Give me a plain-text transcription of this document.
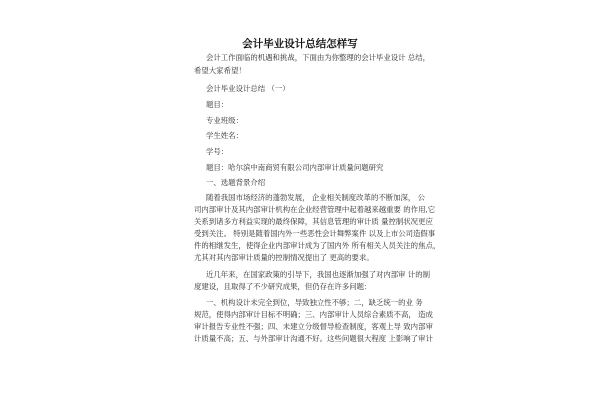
会计毕业设计总结怎样写
会计工作面临的机遇和挑战，下面由为你整理的会计毕业设计 总结，
希望大家希望！
会计毕业设计总结 （一）
题目：
专业班级：
学生姓名：
学号：
题目：哈尔滨中南商贸有限公司内部审计质量问题研究
一、选题背景介绍
随着我国市场经济的蓬勃发展， 企业相关制度改革的不断加深， 公
司内部审计及其内部审计机构在企业经营管理中起着越来越重要 的作用,它
关系到诸多方利益实现的最终保障，其信息管理的审计质 量控制状况更应
受到关注。 特别是随着国内外一些恶性会计舞弊案件 以及上市公司造假事
件的相继发生，使得企业内部审计成为了国内外 所有相关人员关注的焦点，
尤其对其内部审计质量的控制情况提出了 更高的要求。
近几年来，在国家政策的引导下，我国也逐渐加强了对内部审 计的制
度建设，且取得了不少研究成果，但仍存在许多问题：
一、机构设计未完全到位，导致独立性不够；二，缺乏统一的业 务
规范，使得内部审计目标不明确；三、内部审计人员综合素质不高， 造成
审计报告专业性不强；四、未建立分级督导检查制度，客观上导 致内部审
计质量不高；五、与外部审计沟通不好。这些问题很大程度 上影响了审计
